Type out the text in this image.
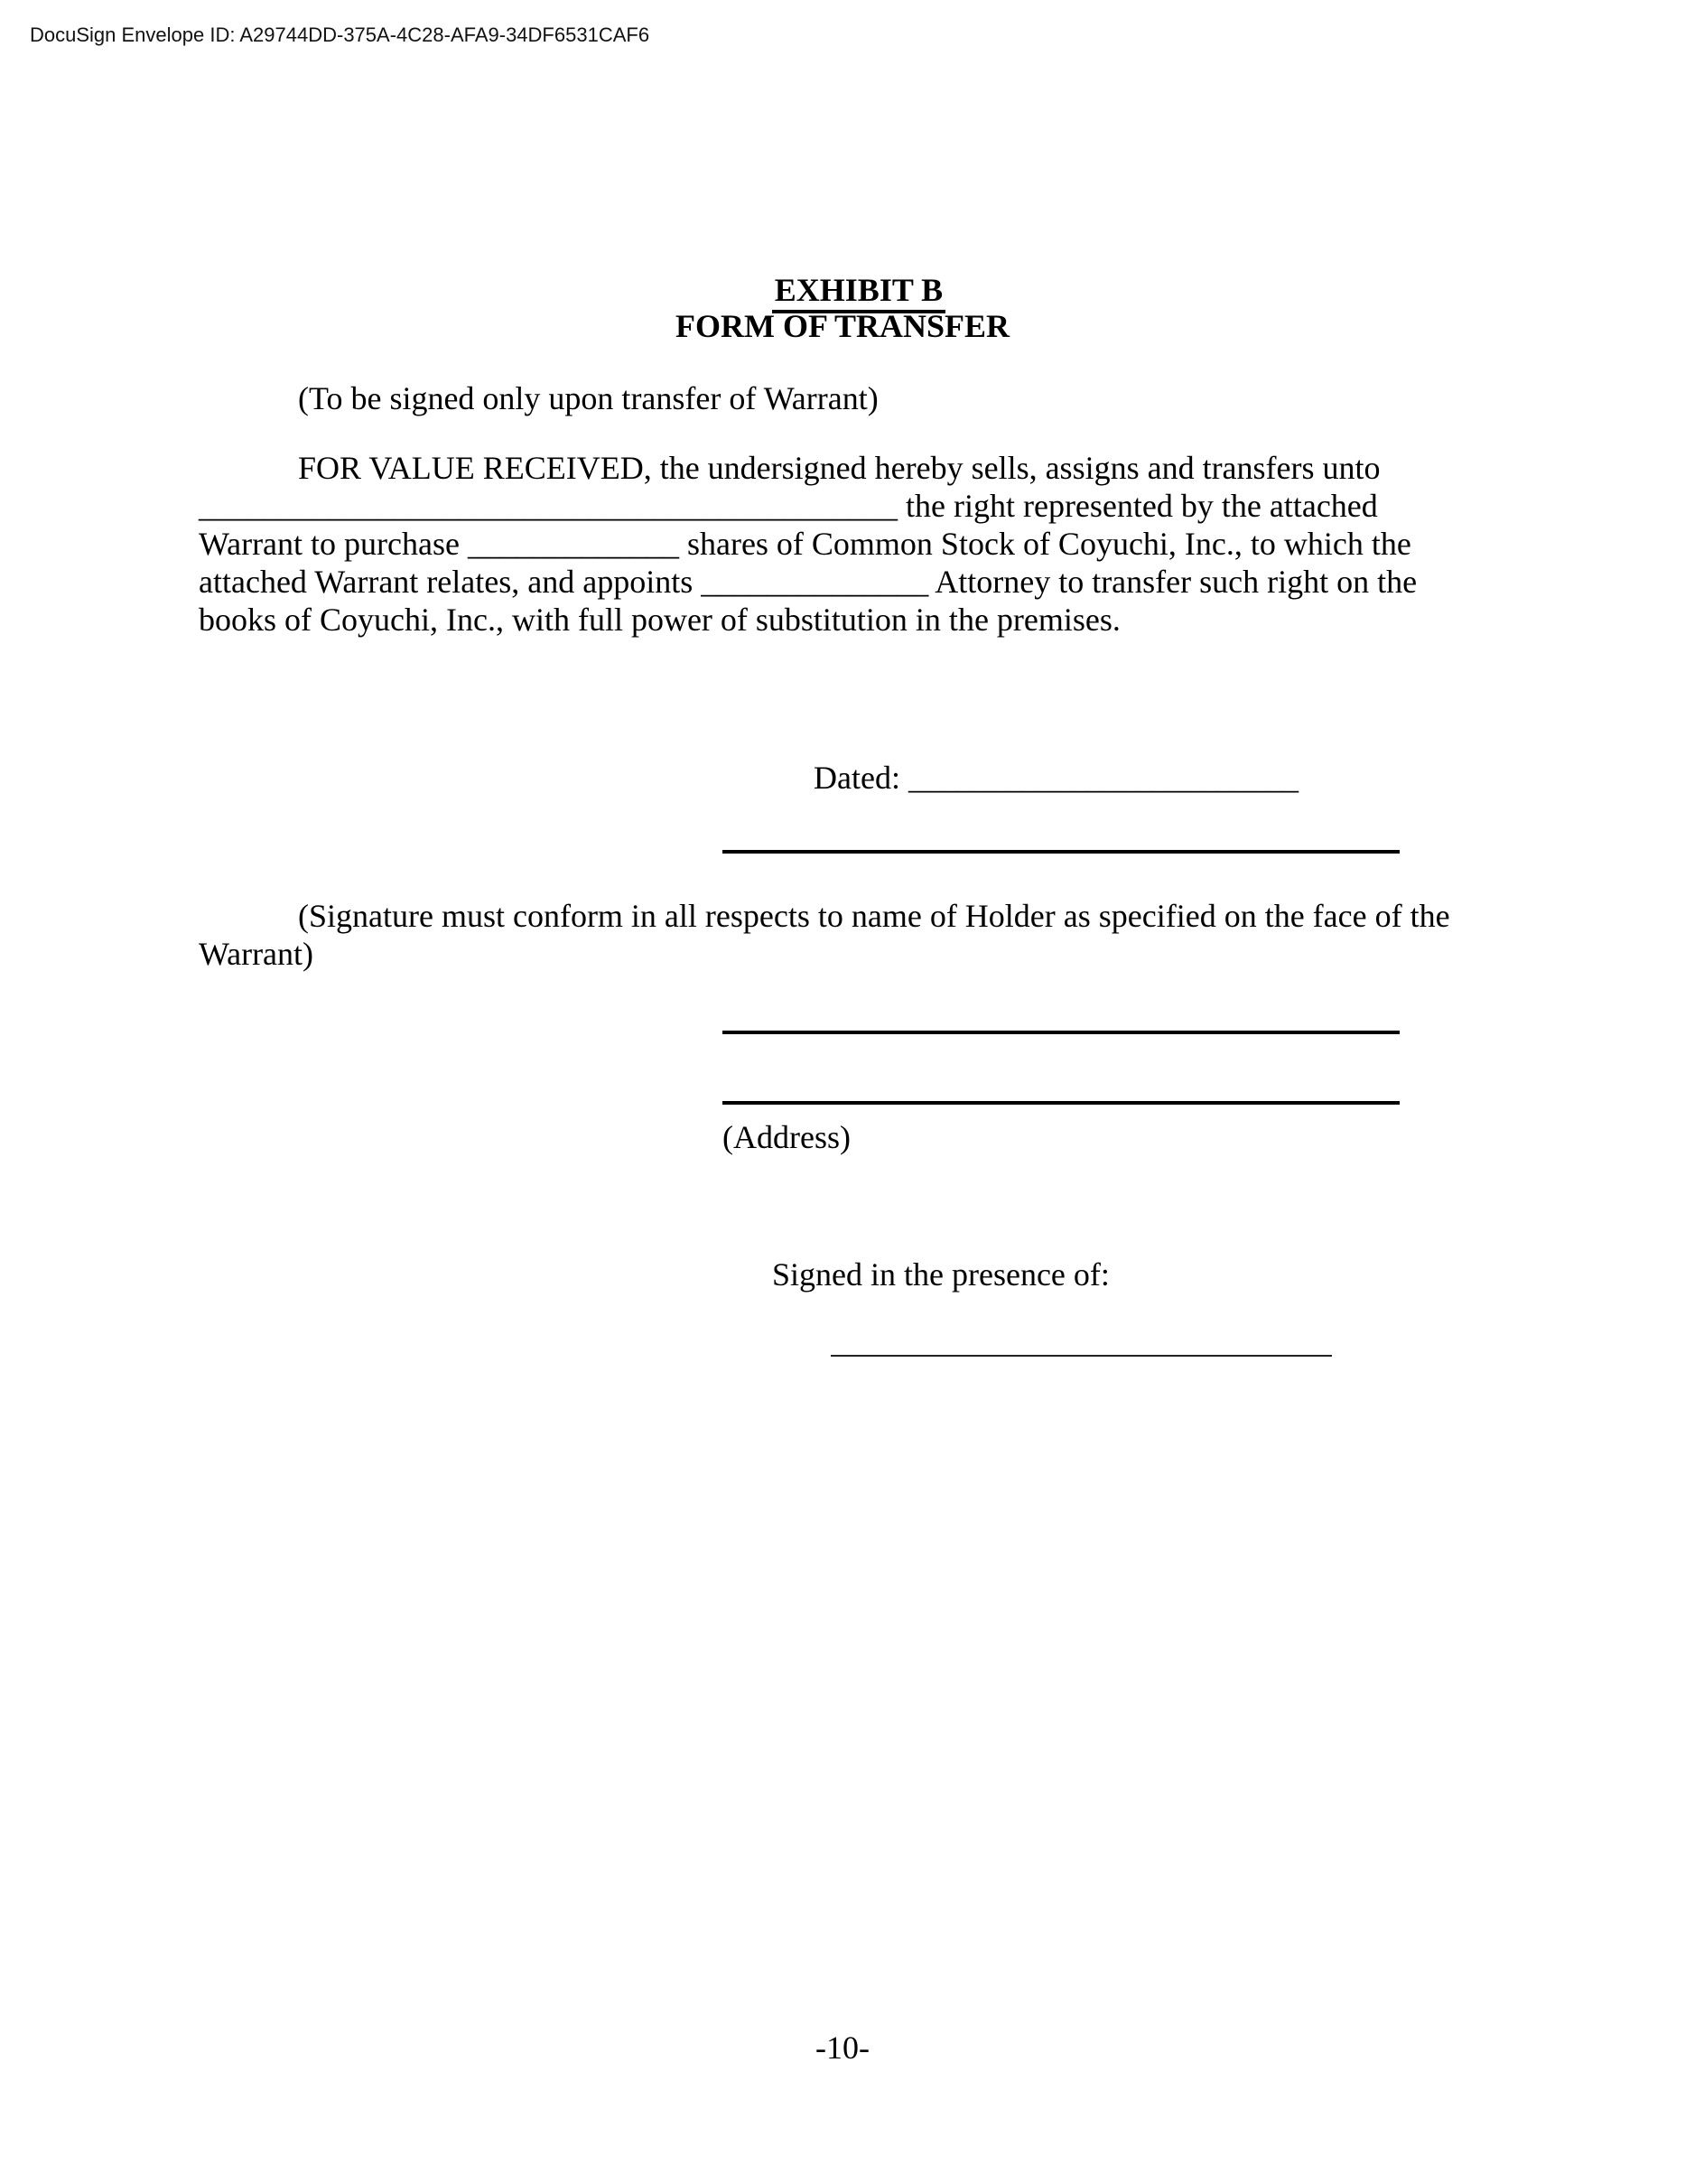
DocuSign Envelope ID: A29744DD-375A-4C28-AFA9-34DF6531CAF6

EXHIBIT B

FORM OF TRANSFER
(To be signed only upon transfer of Warrant)
FOR VALUE RECEIVED, the undersigned hereby sells, assigns and transfers unto
___________________________________________ the right represented by the attached
Warrant to purchase _____________ shares of Common Stock of Coyuchi, Inc., to which the
attached Warrant relates, and appoints ______________ Attorney to transfer such right on the
books of Coyuchi, Inc., with full power of substitution in the premises.

Dated: ________________________

(Signature must conform in all respects to name of Holder as specified on the face of the
Warrant)
(Address)
Signed in the presence of:
-10-
